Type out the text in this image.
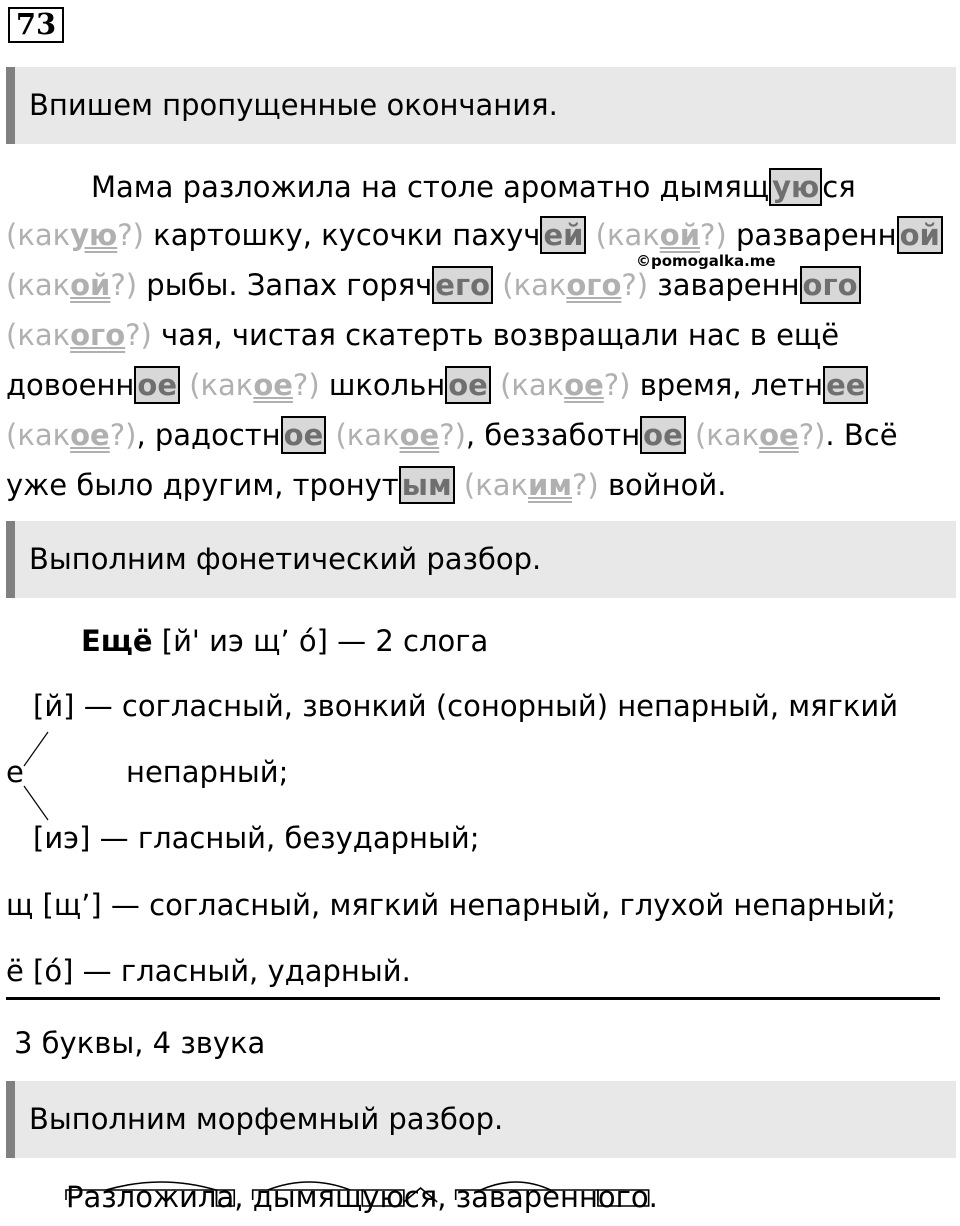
73
Впишем пропущенные окончания.
©pomogalka.me
Мама разложила на столе ароматно дымящ ую ся
(какую?) картошку, кусочки пахуч ей (какой?) разваренн ой
(какой?) рыбы. Запах горяч его (какого?) заваренн ого
(какого?) чая, чистая скатерть возвращали нас в ещё
довоенн ое (какое?) школьн ое (какое?) время, летн ее
(какое?), радостн ое (какое?), беззаботн ое (какое?). Всё
уже было другим, тронут ым (каким?) войной.
Выполним фонетический разбор.
Ещё [й' иэ щ’ о́] — 2 слога
[й] — согласный, звонкий (сонорный) непарный, мягкий
е	непарный;
[иэ] — гласный, безударный;
щ [щ’] — согласный, мягкий непарный, глухой непарный;
ё [о́] — гласный, ударный.
3 буквы, 4 звука
Выполним морфемный разбор.
Разложила, дымящуюся, заваренного.
